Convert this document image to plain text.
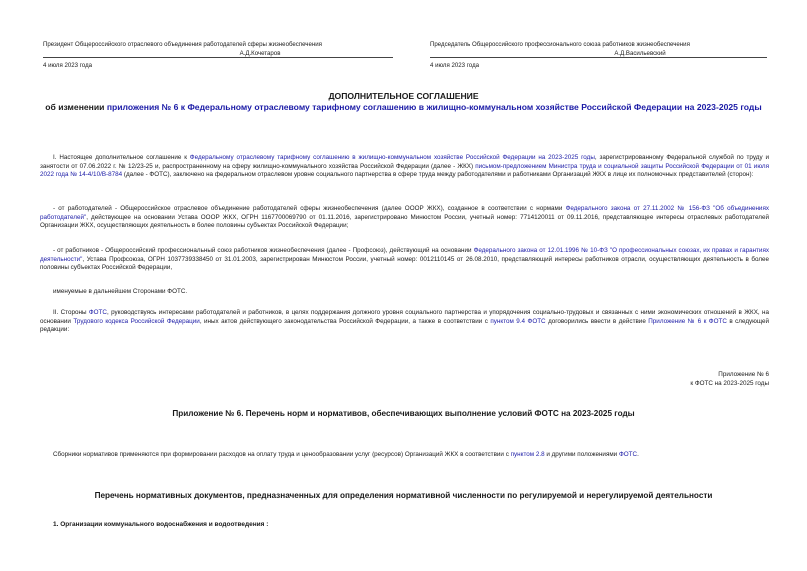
Президент Общероссийского отраслевого объединения работодателей сферы жизнеобеспечения
А.Д.Кочетаров
4 июля 2023 года
Председатель Общероссийского профессионального союза работников жизнеобеспечения
А.Д.Васильевский
4 июля 2023 года
ДОПОЛНИТЕЛЬНОЕ СОГЛАШЕНИЕ
об изменении приложения № 6 к Федеральному отраслевому тарифному соглашению в жилищно-коммунальном хозяйстве Российской Федерации на 2023-2025 годы
I. Настоящее дополнительное соглашение к Федеральному отраслевому тарифному соглашению в жилищно-коммунальном хозяйстве Российской Федерации на 2023-2025 годы, зарегистрированному Федеральной службой по труду и занятости от 07.06.2022 г. № 12/23-25 и, распространенному на сферу жилищно-коммунального хозяйства Российской Федерации (далее - ЖКХ) письмом-предложением Министра труда и социальной защиты Российской Федерации от 01 июля 2022 года № 14-4/10/В-8784 (далее - ФОТС), заключено на федеральном отраслевом уровне социального партнерства в сфере труда между работодателями и работниками Организаций ЖКХ в лице их полномочных представителей (сторон):
- от работодателей - Общероссийское отраслевое объединение работодателей сферы жизнеобеспечения (далее ОООР ЖКХ), созданное в соответствии с нормами Федерального закона от 27.11.2002 № 156-ФЗ "Об объединениях работодателей", действующее на основании Устава ОООР ЖКХ, ОГРН 1167700069790 от 01.11.2016, зарегистрировано Минюстом России, учетный номер: 7714120011 от 09.11.2016, представляющее интересы отраслевых работодателей Организации ЖКХ, осуществляющих деятельность в более половины субъектах Российской Федерации;
- от работников - Общероссийский профессиональный союз работников жизнеобеспечения (далее - Профсоюз), действующий на основании Федерального закона от 12.01.1996 № 10-ФЗ "О профессиональных союзах, их правах и гарантиях деятельности", Устава Профсоюза, ОГРН 1037739338450 от 31.01.2003, зарегистрирован Минюстом России, учетный номер: 0012110145 от 26.08.2010, представляющий интересы работников отрасли, осуществляющих деятельность в более половины субъектах Российской Федерации,
именуемые в дальнейшем Сторонами ФОТС.
II. Стороны ФОТС, руководствуясь интересами работодателей и работников, в целях поддержания должного уровня социального партнерства и упорядочения социально-трудовых и связанных с ними экономических отношений в ЖКХ, на основании Трудового кодекса Российской Федерации, иных актов действующего законодательства Российской Федерации, а также в соответствии с пунктом 9.4 ФОТС договорились ввести в действие Приложение № 6 к ФОТС в следующей редакции:
Приложение № 6
к ФОТС на 2023-2025 годы
Приложение № 6. Перечень норм и нормативов, обеспечивающих выполнение условий ФОТС на 2023-2025 годы
Сборники нормативов применяются при формировании расходов на оплату труда и ценообразовании услуг (ресурсов) Организаций ЖКХ в соответствии с пунктом 2.8 и другими положениями ФОТС.
Перечень нормативных документов, предназначенных для определения нормативной численности по регулируемой и нерегулируемой деятельности
1. Организации коммунального водоснабжения и водоотведения :
